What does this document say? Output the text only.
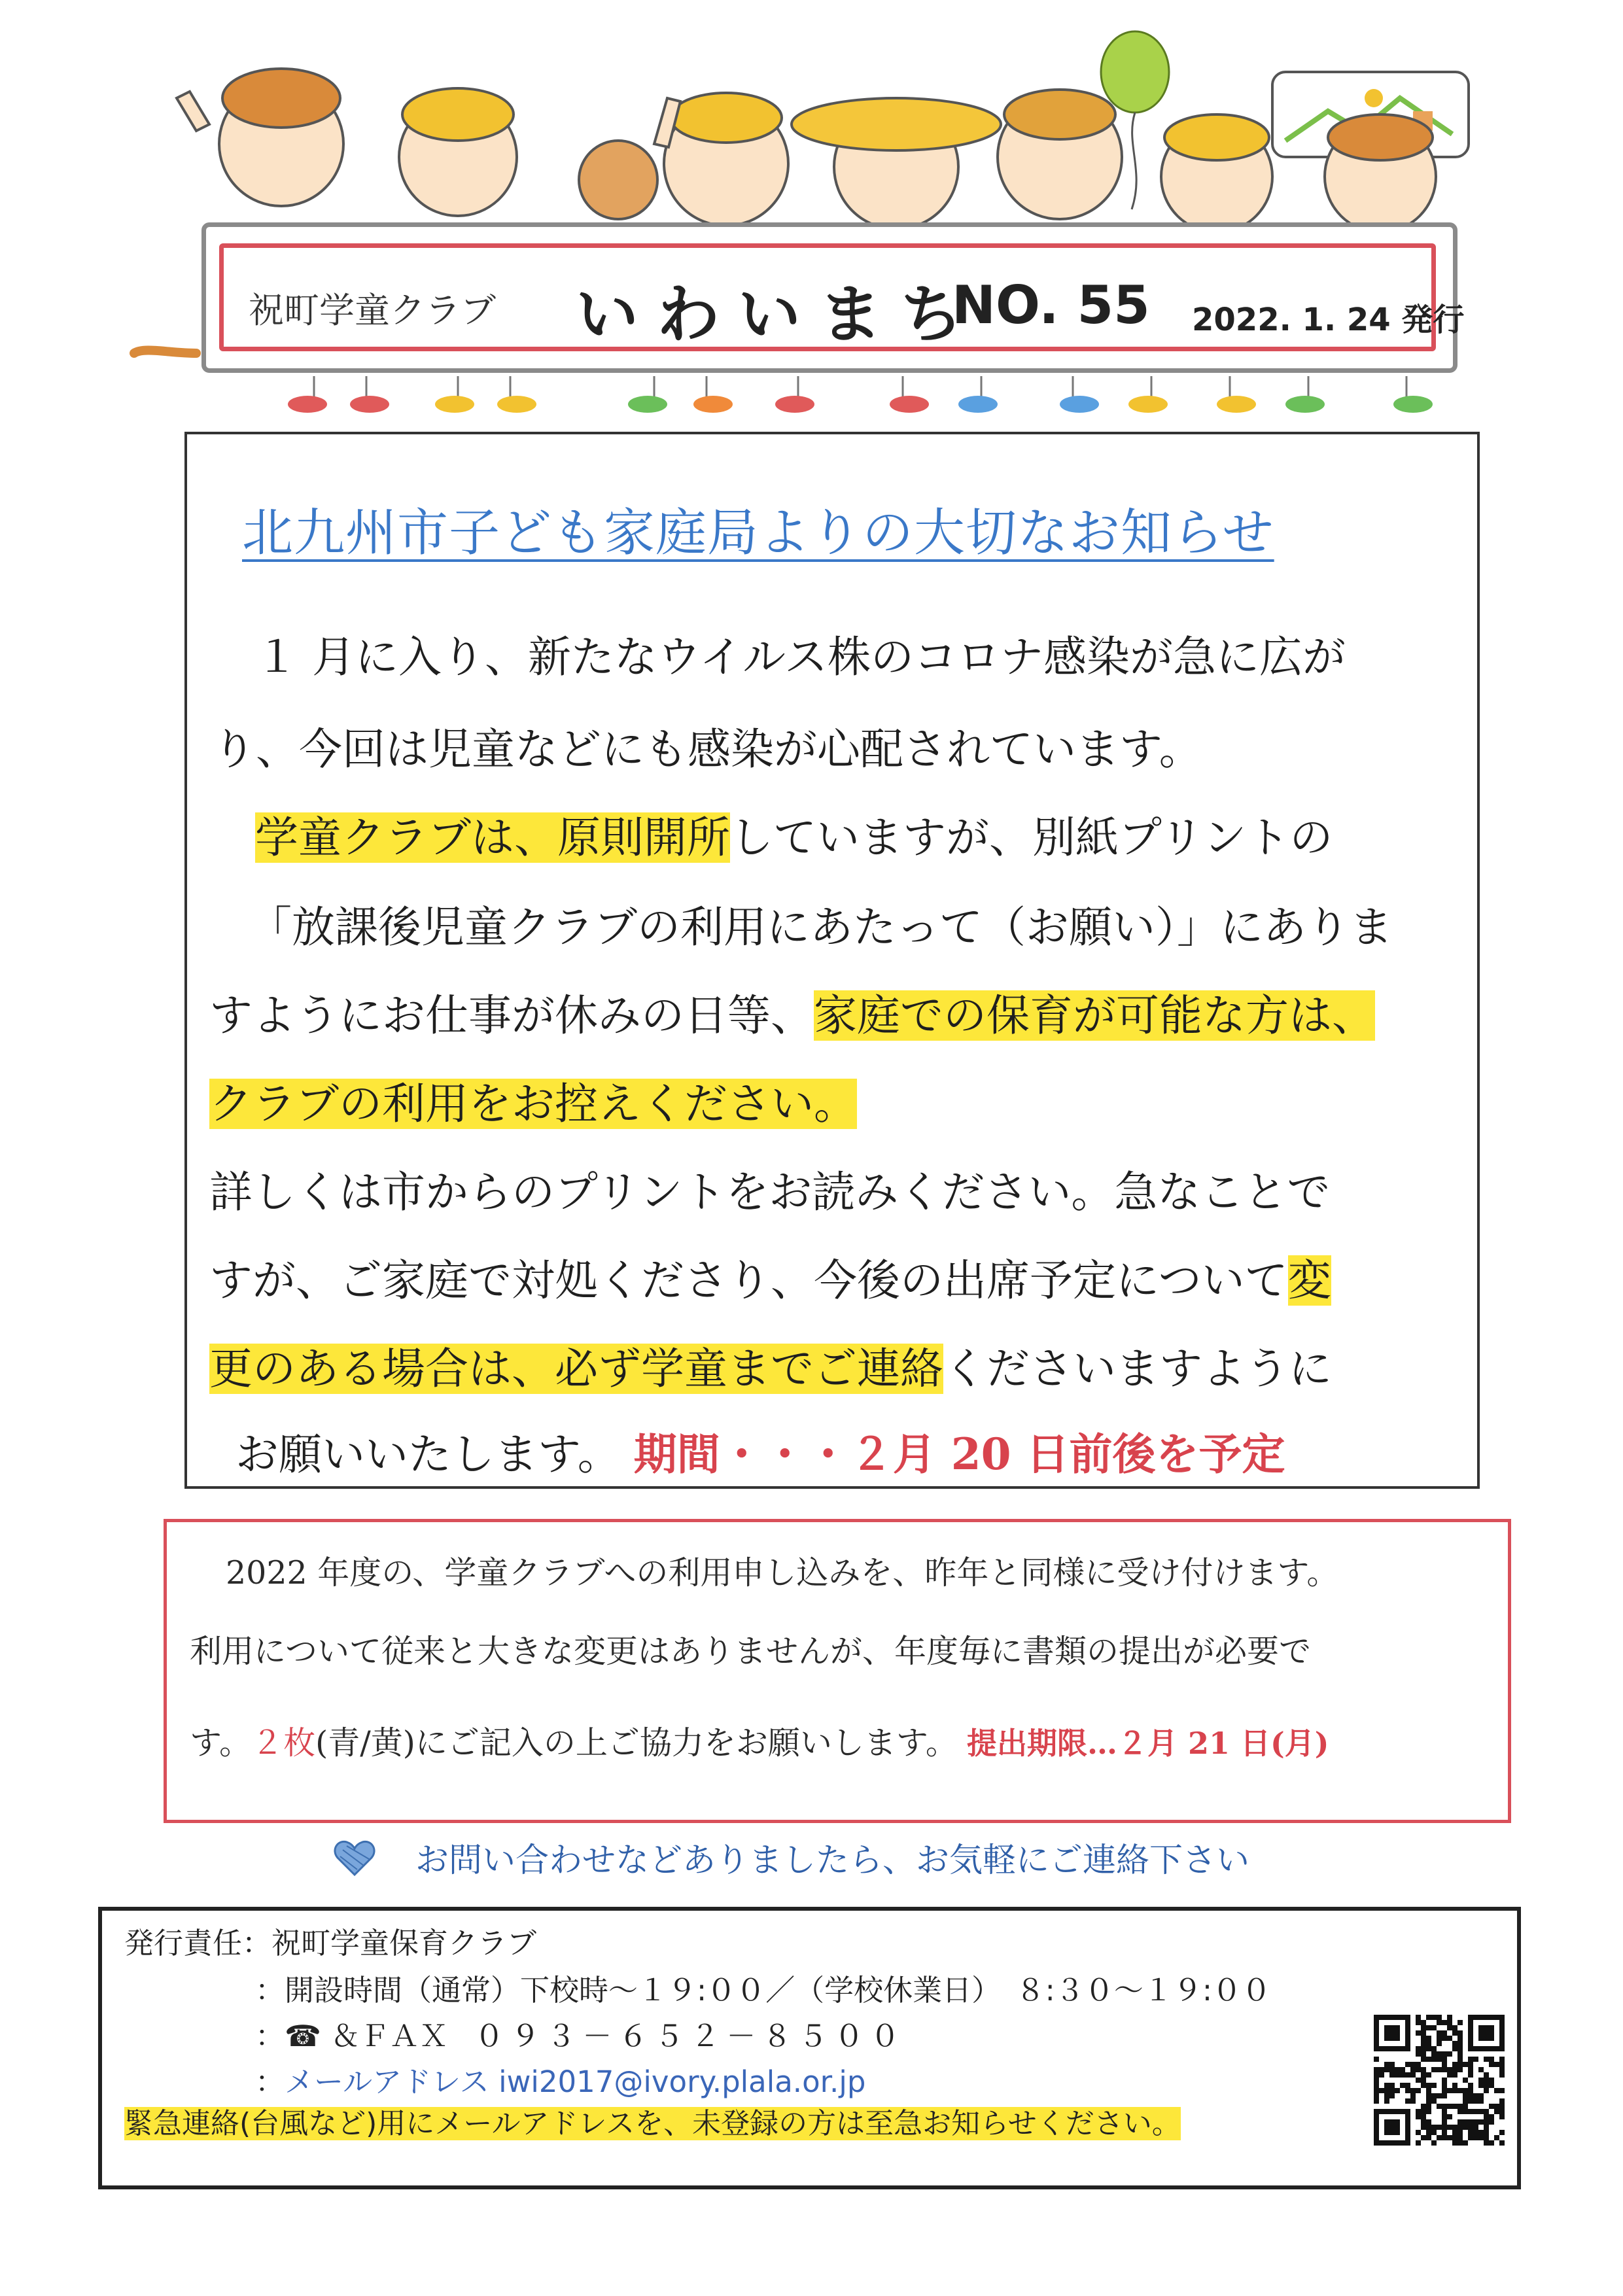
祝町学童クラブ いわいまち
NO. 55 2022. 1. 24 発行
北九州市子ども家庭局よりの大切なお知らせ
１ 月に入り、新たなウイルス株のコロナ感染が急に広が
り、今回は児童などにも感染が心配されています。
学童クラブは、原則開所していますが、別紙プリントの
「放課後児童クラブの利用にあたって（お願い）」にありま
すようにお仕事が休みの日等、家庭での保育が可能な方は、
クラブの利用をお控えください。
詳しくは市からのプリントをお読みください。急なことで
すが、ご家庭で対処くださり、今後の出席予定について変
更のある場合は、必ず学童までご連絡くださいますように
お願いいたします。 期間・・・２月 20 日前後を予定
2022 年度の、学童クラブへの利用申し込みを、昨年と同様に受け付けます。
利用について従来と大きな変更はありませんが、年度毎に書類の提出が必要で
す。２枚(青/黄)にご記入の上ご協力をお願いします。 提出期限…２月 21 日(月)
お問い合わせなどありましたら、お気軽にご連絡下さい
発行責任：祝町学童保育クラブ
：開設時間（通常）下校時～１９:００／（学校休業日）　８:３０～１９:００
：☎ ＆ＦＡＸ ０９３－６５２－８５００
：メールアドレス iwi2017@ivory.plala.or.jp
緊急連絡(台風など)用にメールアドレスを、未登録の方は至急お知らせください。
